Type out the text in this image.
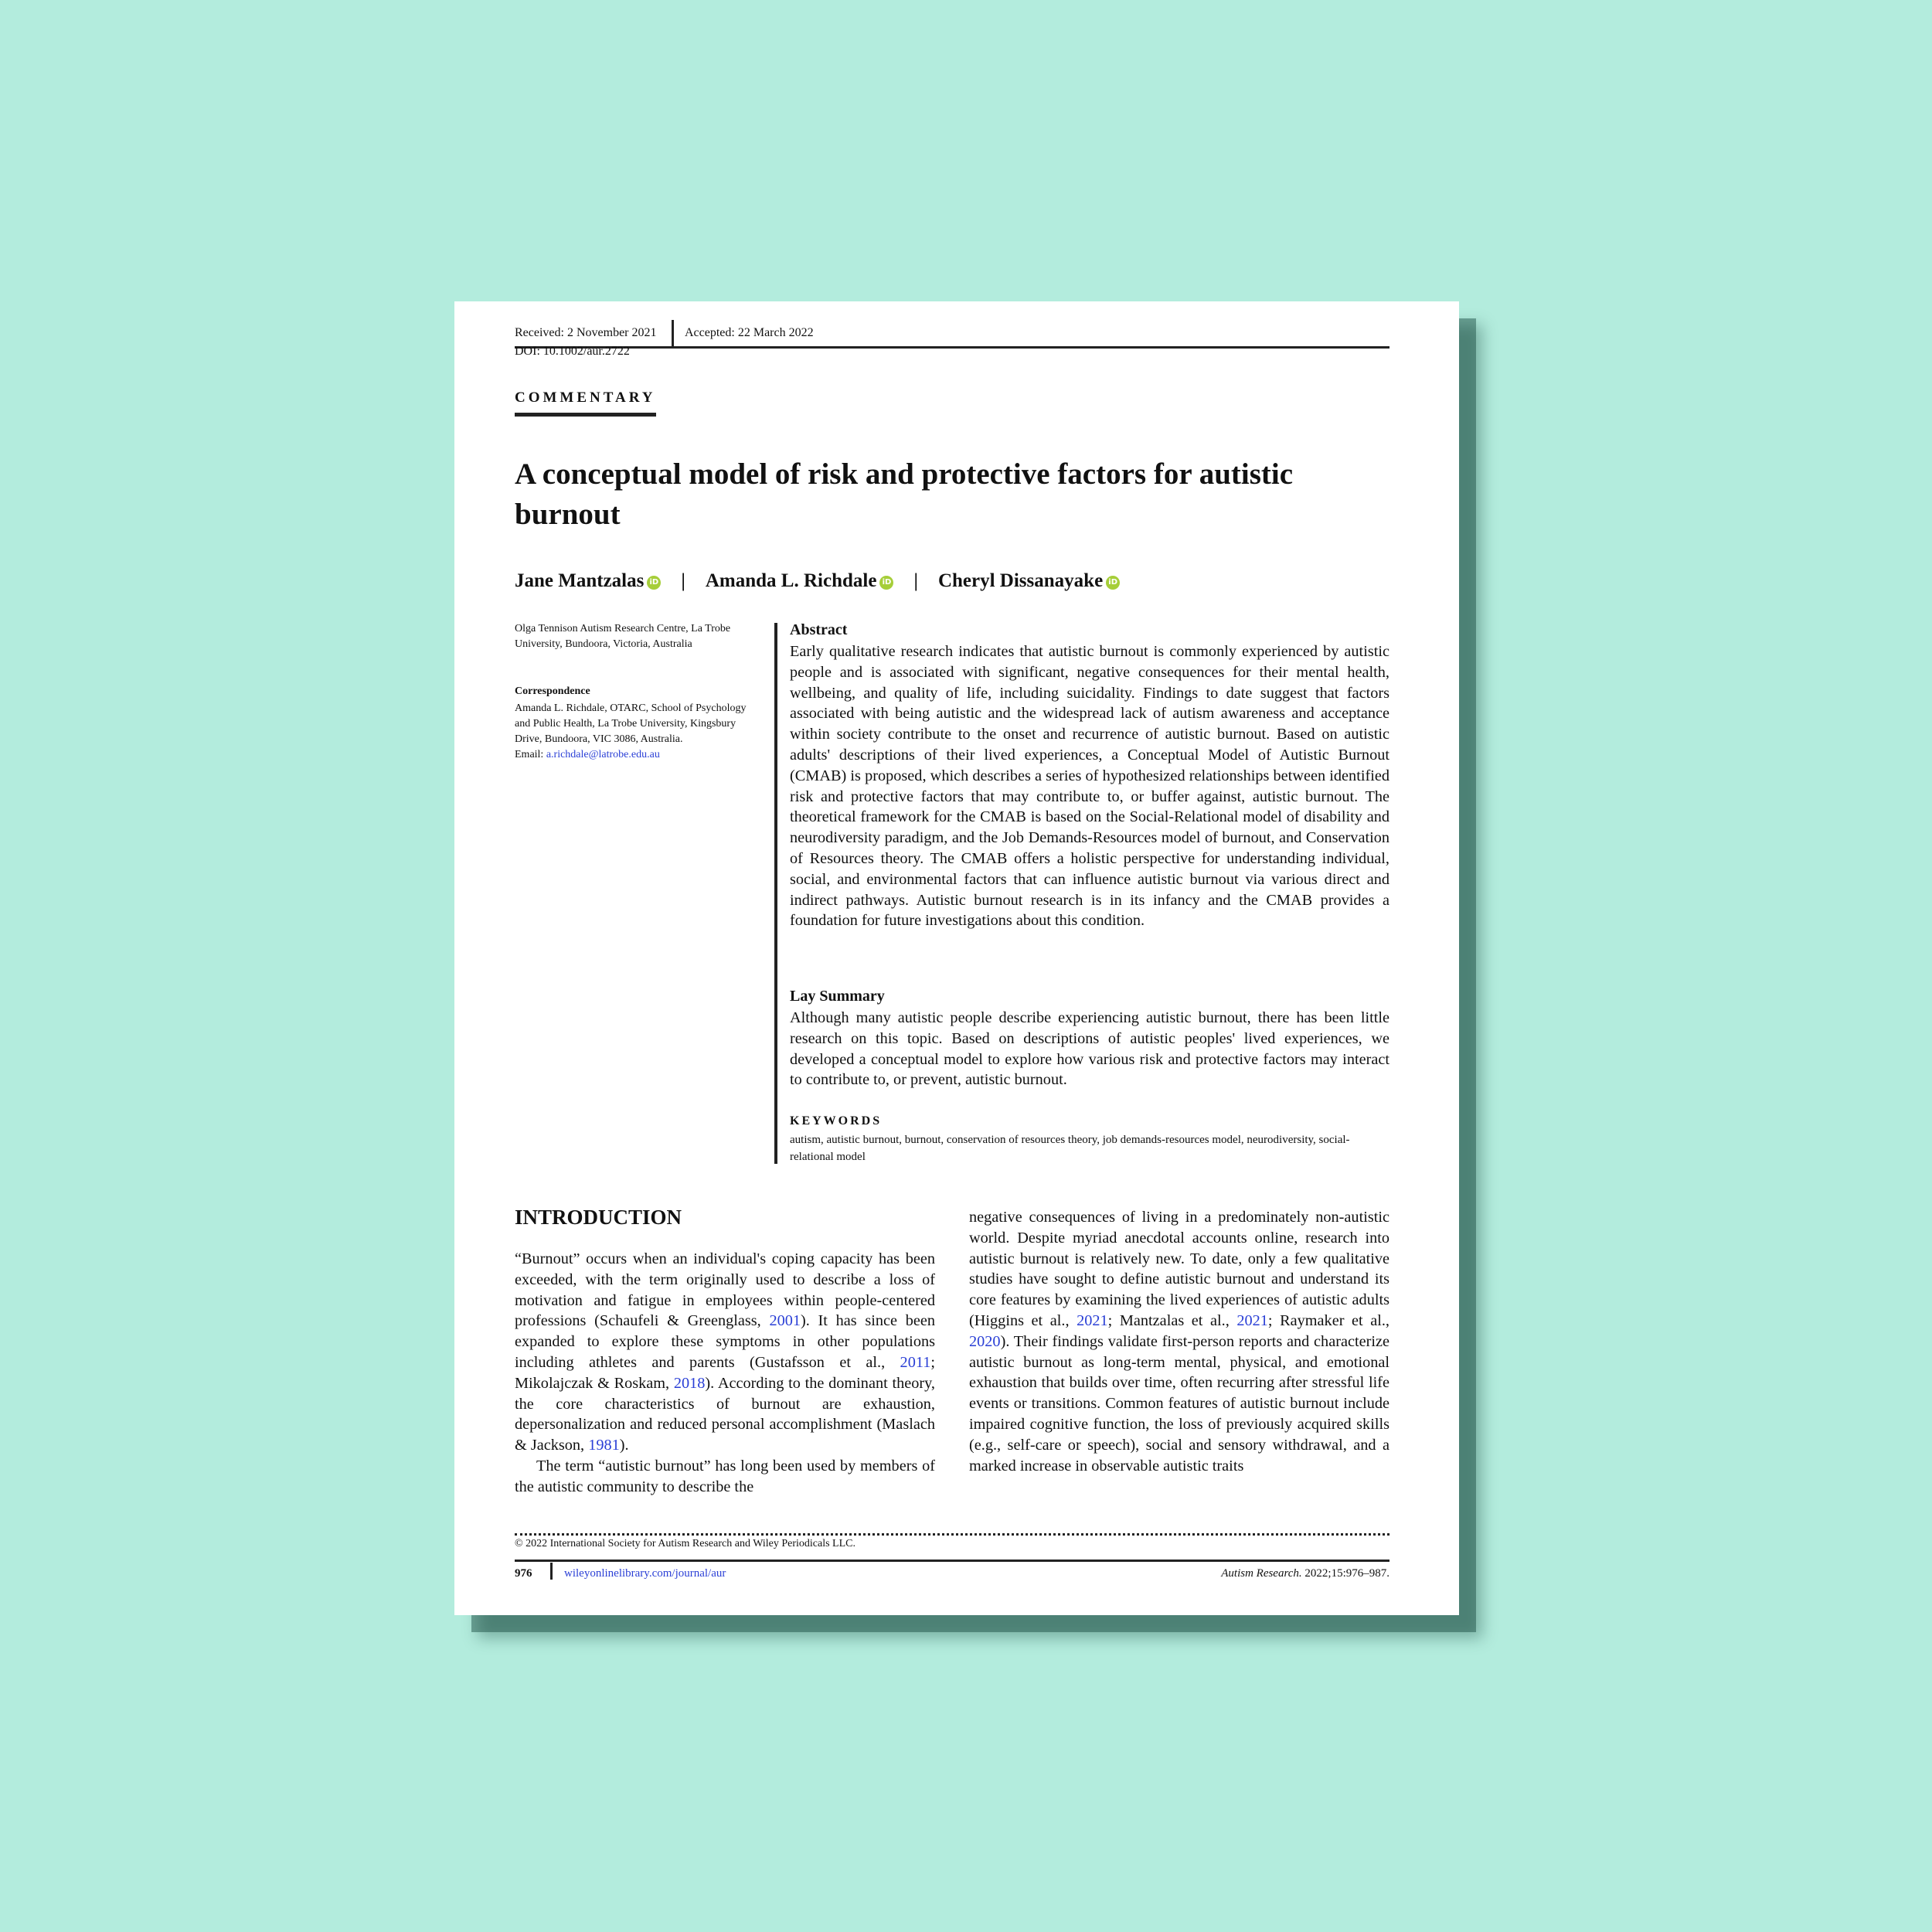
Received: 2 November 2021 Accepted: 22 March 2022
DOI: 10.1002/aur.2722
COMMENTARY
A conceptual model of risk and protective factors for autistic burnout
Jane Mantzalas iD | Amanda L. Richdale iD | Cheryl Dissanayake iD
Olga Tennison Autism Research Centre, La Trobe University, Bundoora, Victoria, Australia
Correspondence
Amanda L. Richdale, OTARC, School of Psychology and Public Health, La Trobe University, Kingsbury Drive, Bundoora, VIC 3086, Australia.
Email: a.richdale@latrobe.edu.au
Abstract
Early qualitative research indicates that autistic burnout is commonly experienced by autistic people and is associated with significant, negative consequences for their mental health, wellbeing, and quality of life, including suicidality. Findings to date suggest that factors associated with being autistic and the widespread lack of autism awareness and acceptance within society contribute to the onset and recurrence of autistic burnout. Based on autistic adults' descriptions of their lived experiences, a Conceptual Model of Autistic Burnout (CMAB) is proposed, which describes a series of hypothesized relationships between identified risk and protective factors that may contribute to, or buffer against, autistic burnout. The theoretical framework for the CMAB is based on the Social-Relational model of disability and neurodiversity paradigm, and the Job Demands-Resources model of burnout, and Conservation of Resources theory. The CMAB offers a holistic perspective for understanding individual, social, and environmental factors that can influence autistic burnout via various direct and indirect pathways. Autistic burnout research is in its infancy and the CMAB provides a foundation for future investigations about this condition.
Lay Summary
Although many autistic people describe experiencing autistic burnout, there has been little research on this topic. Based on descriptions of autistic peoples' lived experiences, we developed a conceptual model to explore how various risk and protective factors may interact to contribute to, or prevent, autistic burnout.
KEYWORDS
autism, autistic burnout, burnout, conservation of resources theory, job demands-resources model, neurodiversity, social-relational model
INTRODUCTION

“Burnout” occurs when an individual's coping capacity has been exceeded, with the term originally used to describe a loss of motivation and fatigue in employees within people-centered professions (Schaufeli & Greenglass, 2001). It has since been expanded to explore these symptoms in other populations including athletes and parents (Gustafsson et al., 2011; Mikolajczak & Roskam, 2018). According to the dominant theory, the core characteristics of burnout are exhaustion, depersonalization and reduced personal accomplishment (Maslach & Jackson, 1981).

The term “autistic burnout” has long been used by members of the autistic community to describe the

negative consequences of living in a predominately non-autistic world. Despite myriad anecdotal accounts online, research into autistic burnout is relatively new. To date, only a few qualitative studies have sought to define autistic burnout and understand its core features by examining the lived experiences of autistic adults (Higgins et al., 2021; Mantzalas et al., 2021; Raymaker et al., 2020). Their findings validate first-person reports and characterize autistic burnout as long-term mental, physical, and emotional exhaustion that builds over time, often recurring after stressful life events or transitions. Common features of autistic burnout include impaired cognitive function, the loss of previously acquired skills (e.g., self-care or speech), social and sensory withdrawal, and a marked increase in observable autistic traits
© 2022 International Society for Autism Research and Wiley Periodicals LLC.
976	wileyonlinelibrary.com/journal/aur	Autism Research. 2022;15:976–987.
